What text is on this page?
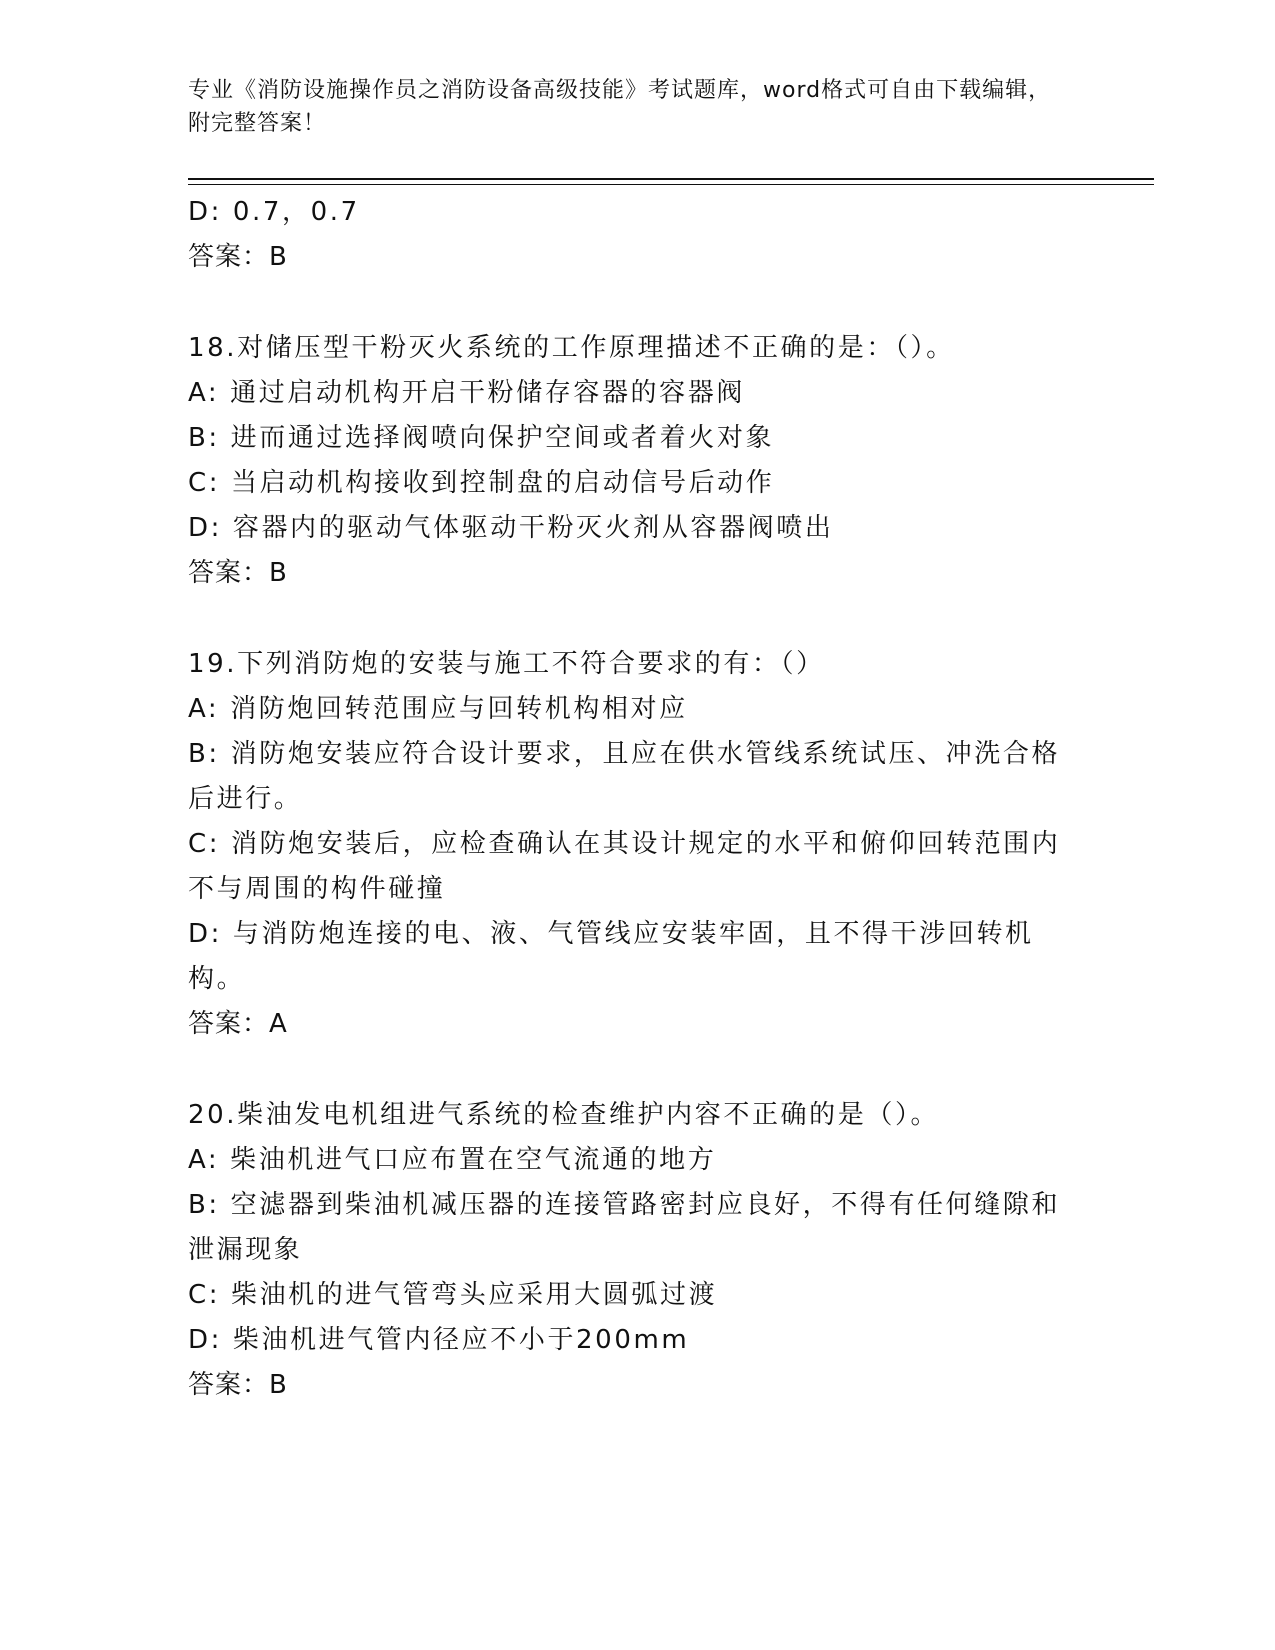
专业《消防设施操作员之消防设备高级技能》考试题库，word格式可自由下载编辑，附完整答案！
D: 0.7，0.7
答案：B
18.对储压型干粉灭火系统的工作原理描述不正确的是：（）。
A: 通过启动机构开启干粉储存容器的容器阀
B: 进而通过选择阀喷向保护空间或者着火对象
C: 当启动机构接收到控制盘的启动信号后动作
D: 容器内的驱动气体驱动干粉灭火剂从容器阀喷出
答案：B
19.下列消防炮的安装与施工不符合要求的有：（）
A: 消防炮回转范围应与回转机构相对应
B: 消防炮安装应符合设计要求，且应在供水管线系统试压、冲洗合格后进行。
C: 消防炮安装后，应检查确认在其设计规定的水平和俯仰回转范围内不与周围的构件碰撞
D: 与消防炮连接的电、液、气管线应安装牢固，且不得干涉回转机构。
答案：A
20.柴油发电机组进气系统的检查维护内容不正确的是（）。
A: 柴油机进气口应布置在空气流通的地方
B: 空滤器到柴油机减压器的连接管路密封应良好，不得有任何缝隙和泄漏现象
C: 柴油机的进气管弯头应采用大圆弧过渡
D: 柴油机进气管内径应不小于200mm
答案：B
